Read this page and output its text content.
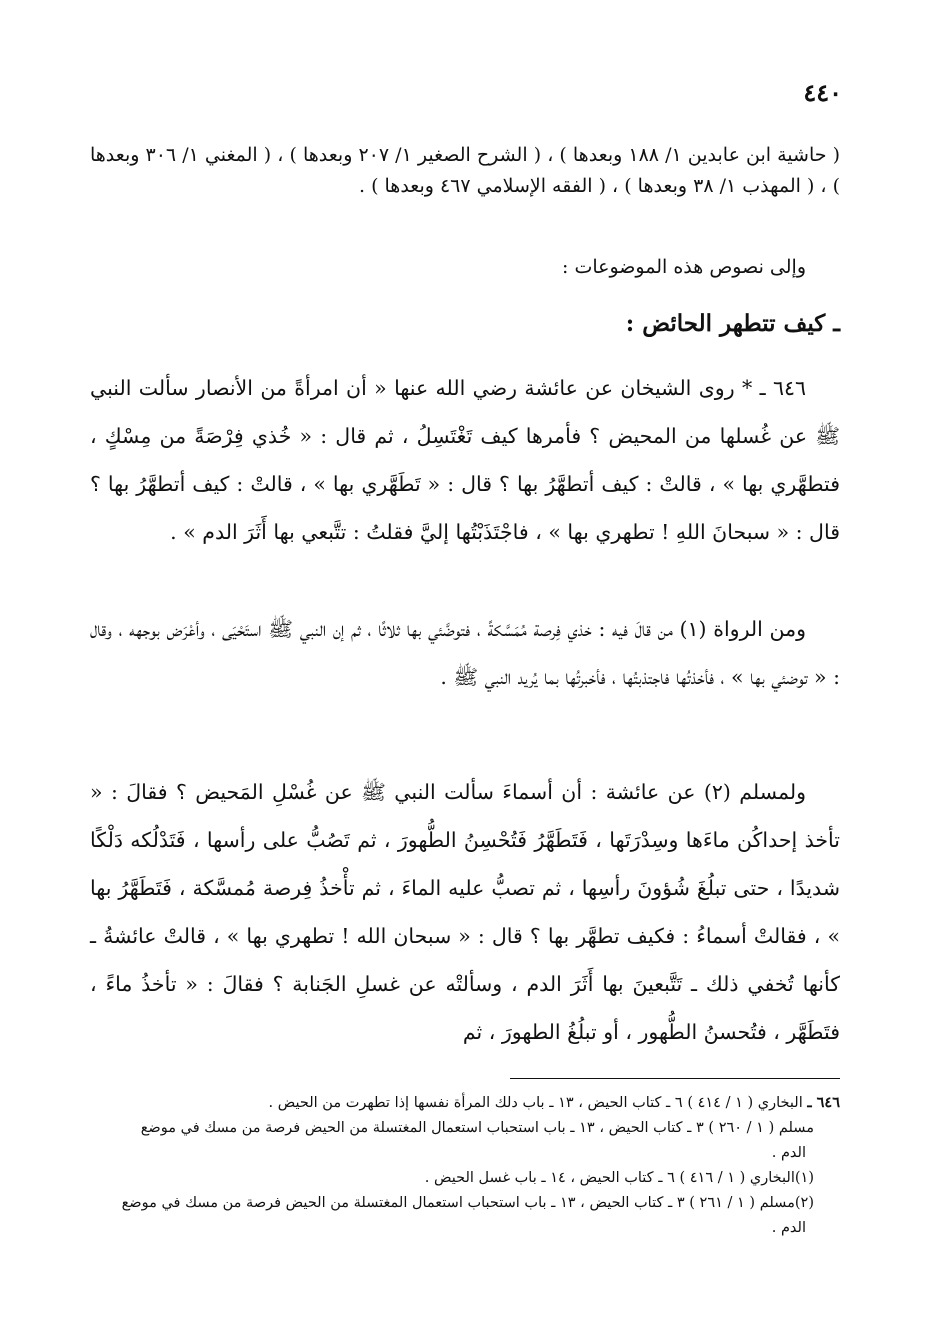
٤٤٠

( حاشية ابن عابدين ١/ ١٨٨ وبعدها ) ، ( الشرح الصغير ١/ ٢٠٧ وبعدها ) ، ( المغني ١/ ٣٠٦ وبعدها ) ، ( المهذب ١/ ٣٨ وبعدها ) ، ( الفقه الإسلامي ٤٦٧ وبعدها ) .

وإلى نصوص هذه الموضوعات :

ـ كيف تتطهر الحائض :

٦٤٦ ـ * روى الشيخان عن عائشة رضي الله عنها « أن امرأةً من الأنصار سألت النبي ﷺ عن غُسلها من المحيض ؟ فأمرها كيف تَغْتَسِلُ ، ثم قال : « خُذي فِرْصَةً من مِسْكٍ ، فتطهَّري بها » ، قالتْ : كيف أتطهَّرُ بها ؟ قال : « تَطَهَّري بها » ، قالتْ : كيف أتطهَّرُ بها ؟ قال : « سبحانَ اللهِ ! تطهري بها » ، فاجْتَذَبْتُها إليَّ فقلتُ : تتَّبعي بها أَثَرَ الدم » .

ومن الرواة (١) من قالَ فيه : خذي فِرصة مُمَسَّكةً ، فتوضَّئي بها ثلاثًا ، ثم إن النبي ﷺ استَحْيَى ، وأعْرَض بوجهه ، وقال : « توضئي بها » ، فأخذتُها فاجتذبتُها ، فأخبرتُها بما يُريد النبي ﷺ .

ولمسلم (٢) عن عائشة : أن أسماءَ سألت النبي ﷺ عن غُسْلِ المَحيض ؟ فقالَ : « تأخذ إحداكُن ماءَها وسِدْرَتَها ، فَتَطَهَّرُ فَتُحْسِنُ الطُّهورَ ، ثم تَصُبُّ على رأسها ، فَتَدْلُكه دَلْكًا شديدًا ، حتى تبلُغَ شُؤونَ رأسِها ، ثم تصبُّ عليه الماءَ ، ثم تأْخذُ فِرصة مُمسَّكة ، فَتَطَهَّرُ بها » ، فقالتْ أسماءُ : فكيف تطهَّر بها ؟ قال : « سبحان الله ! تطهري بها » ، قالتْ عائشةُ ـ كأنها تُخفي ذلك ـ تَتَّبعينَ بها أَثَرَ الدم ، وسألتْه عن غسلِ الجَنابة ؟ فقالَ : « تأخذُ ماءً ، فتَطَهَّر ، فتُحسنُ الطُّهور ، أو تبلُغُ الطهورَ ، ثم

٦٤٦ ـ البخاري ( ١ / ٤١٤ ) ٦ ـ كتاب الحيض ، ١٣ ـ باب دلك المرأة نفسها إذا تطهرت من الحيض .
مسلم ( ١ / ٢٦٠ ) ٣ ـ كتاب الحيض ، ١٣ ـ باب استحباب استعمال المغتسلة من الحيض فرصة من مسك في موضع
الدم .
(١)البخاري ( ١ / ٤١٦ ) ٦ ـ كتاب الحيض ، ١٤ ـ باب غسل الحيض .
(٢)مسلم ( ١ / ٢٦١ ) ٣ ـ كتاب الحيض ، ١٣ ـ باب استحباب استعمال المغتسلة من الحيض فرصة من مسك في موضع
الدم .
